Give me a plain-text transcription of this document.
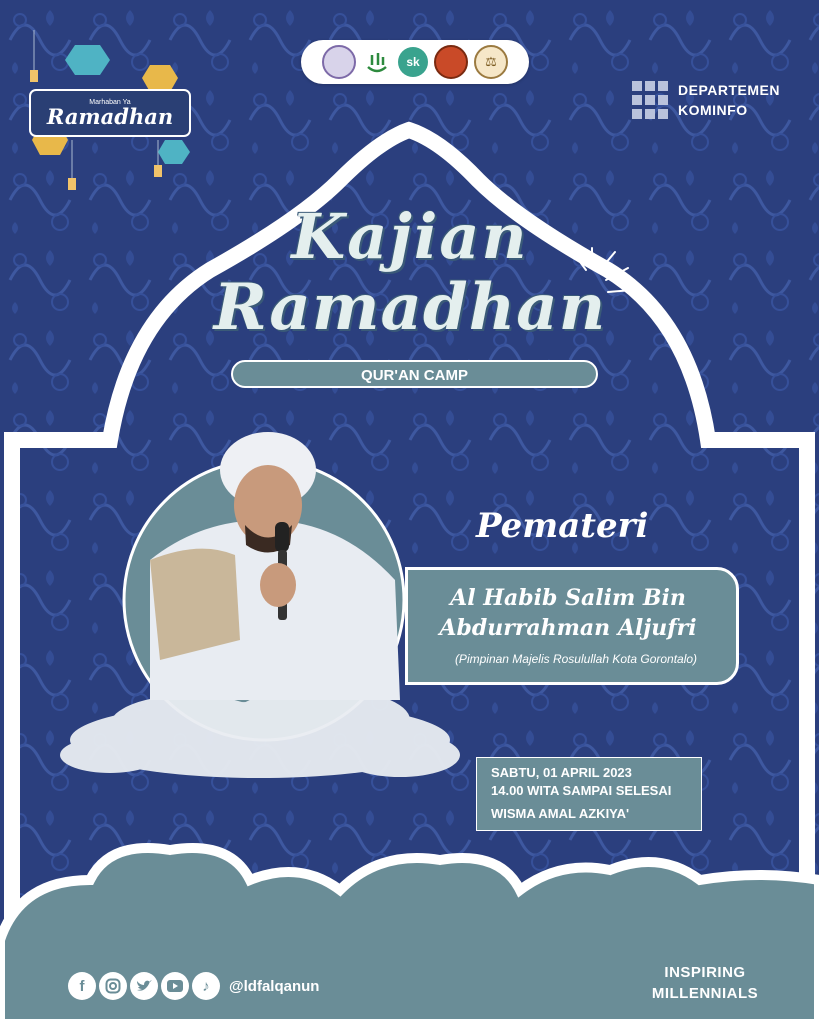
Marhaban Ya
Ramadhan
sk	⚖
DEPARTEMEN
KOMINFO
Kajian
Ramadhan
QUR'AN CAMP
Pemateri
Al Habib Salim Bin
Abdurrahman Aljufri
(Pimpinan Majelis Rosulullah Kota Gorontalo)
SABTU, 01 APRIL 2023
14.00 WITA SAMPAI SELESAI
WISMA AMAL AZKIYA'
f	♪	@ldfalqanun
INSPIRING
MILLENNIALS
